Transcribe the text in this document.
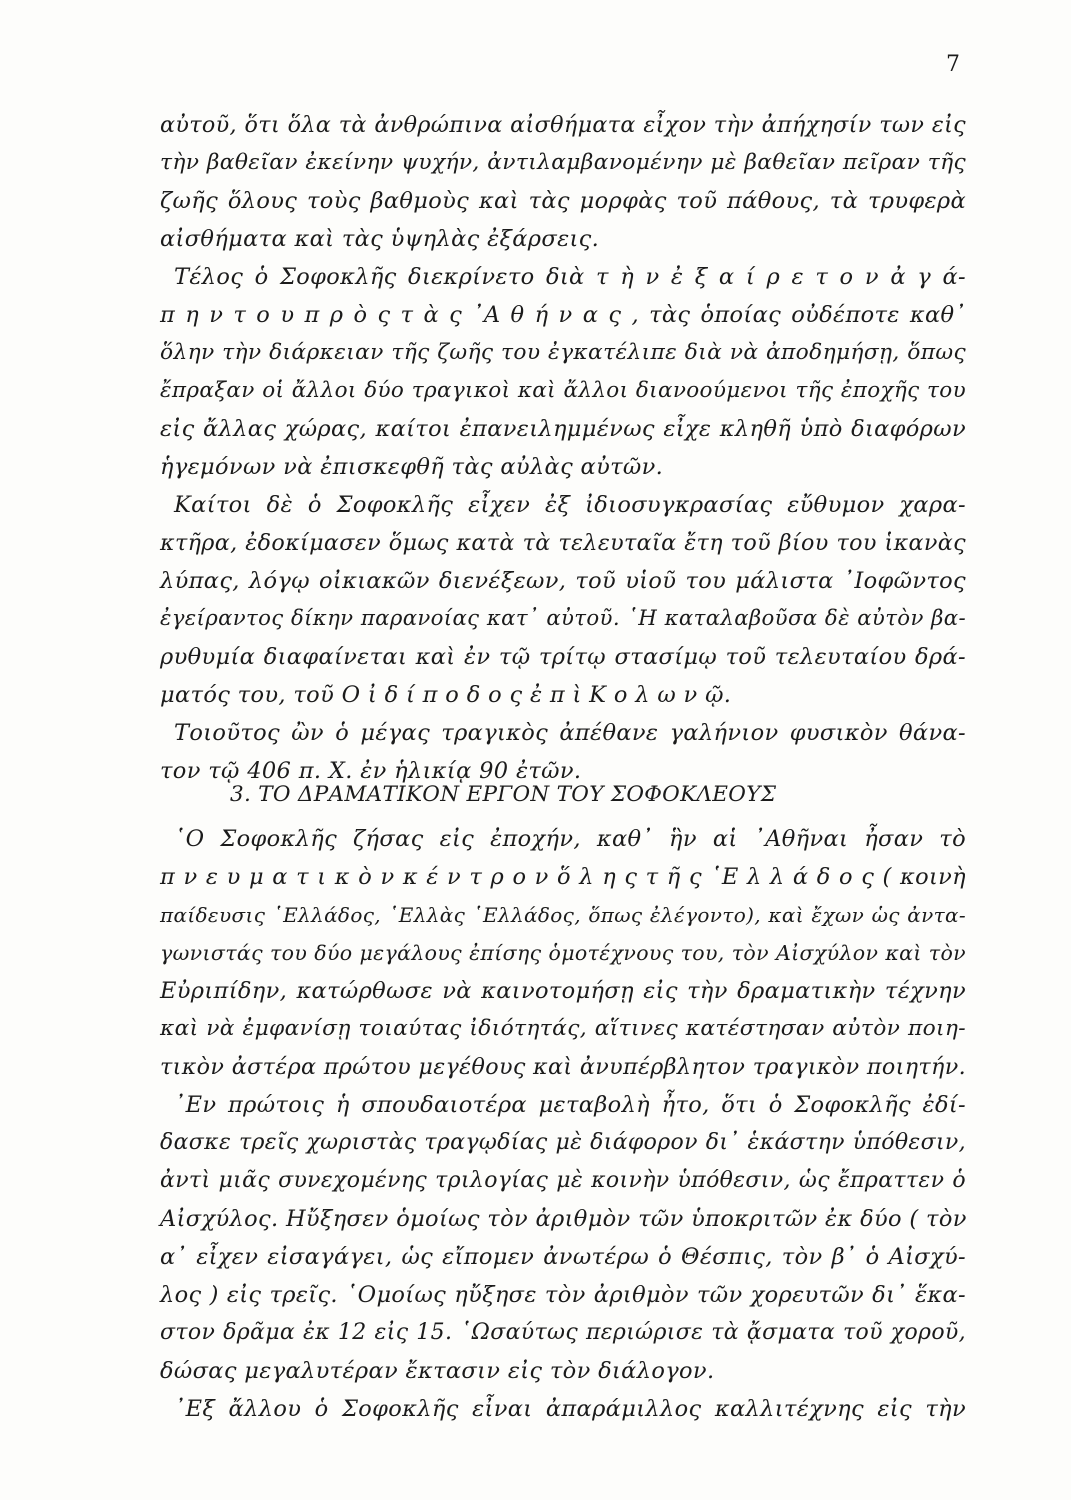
7
αὐτοῦ, ὅτι ὅλα τὰ ἀνθρώπινα αἰσθήματα εἶχον τὴν ἀπήχησίν των εἰς
τὴν βαθεῖαν ἐκείνην ψυχήν, ἀντιλαμβανομένην μὲ βαθεῖαν πεῖραν τῆς
ζωῆς ὅλους τοὺς βαθμοὺς καὶ τὰς μορφὰς τοῦ πάθους, τὰ τρυφερὰ
αἰσθήματα καὶ τὰς ὑψηλὰς ἐξάρσεις.
Τέλος ὁ Σοφοκλῆς διεκρίνετο διὰ τ ὴ ν ἐ ξ α ί ρ ε τ ο ν ἀ γ ά-
π η ν τ ο υ π ρ ὸ ς τ ὰ ς ᾿Α θ ή ν α ς , τὰς ὁποίας οὐδέποτε καθ᾿
ὅλην τὴν διάρκειαν τῆς ζωῆς του ἐγκατέλιπε διὰ νὰ ἀποδημήσῃ, ὅπως
ἔπραξαν οἱ ἄλλοι δύο τραγικοὶ καὶ ἄλλοι διανοούμενοι τῆς ἐποχῆς του
εἰς ἄλλας χώρας, καίτοι ἐπανειλημμένως εἶχε κληθῆ ὑπὸ διαφόρων
ἡγεμόνων νὰ ἐπισκεφθῆ τὰς αὐλὰς αὐτῶν.
Καίτοι δὲ ὁ Σοφοκλῆς εἶχεν ἐξ ἰδιοσυγκρασίας εὔθυμον χαρα-
κτῆρα, ἐδοκίμασεν ὅμως κατὰ τὰ τελευταῖα ἔτη τοῦ βίου του ἱκανὰς
λύπας, λόγῳ οἰκιακῶν διενέξεων, τοῦ υἱοῦ του μάλιστα ᾿Ιοφῶντος
ἐγείραντος δίκην παρανοίας κατ᾿ αὐτοῦ. ῾Η καταλαβοῦσα δὲ αὐτὸν βα-
ρυθυμία διαφαίνεται καὶ ἐν τῷ τρίτῳ στασίμῳ τοῦ τελευταίου δρά-
ματός του, τοῦ Ο ἰ δ ί π ο δ ο ς ἐ π ὶ Κ ο λ ω ν ῷ.
Τοιοῦτος ὢν ὁ μέγας τραγικὸς ἀπέθανε γαλήνιον φυσικὸν θάνα-
τον τῷ 406 π. Χ. ἐν ἡλικίᾳ 90 ἐτῶν.
3. ΤΟ ΔΡΑΜΑΤΙΚΟΝ ΕΡΓΟΝ ΤΟΥ ΣΟΦΟΚΛΕΟΥΣ
῾Ο Σοφοκλῆς ζήσας εἰς ἐποχήν, καθ᾿ ἣν αἱ ᾿Αθῆναι ἦσαν τὸ
π ν ε υ μ α τ ι κ ὸ ν κ έ ν τ ρ ο ν ὅ λ η ς τ ῆ ς ῾Ε λ λ ά δ ο ς ( κοινὴ
παίδευσις ῾Ελλάδος, ῾Ελλὰς ῾Ελλάδος, ὅπως ἐλέγοντο), καὶ ἔχων ὡς ἀντα-
γωνιστάς του δύο μεγάλους ἐπίσης ὁμοτέχνους του, τὸν Αἰσχύλον καὶ τὸν
Εὐριπίδην, κατώρθωσε νὰ καινοτομήσῃ εἰς τὴν δραματικὴν τέχνην
καὶ νὰ ἐμφανίσῃ τοιαύτας ἰδιότητάς, αἵτινες κατέστησαν αὐτὸν ποιη-
τικὸν ἀστέρα πρώτου μεγέθους καὶ ἀνυπέρβλητον τραγικὸν ποιητήν.
᾿Εν πρώτοις ἡ σπουδαιοτέρα μεταβολὴ ἦτο, ὅτι ὁ Σοφοκλῆς ἐδί-
δασκε τρεῖς χωριστὰς τραγῳδίας μὲ διάφορον δι᾿ ἑκάστην ὑπόθεσιν,
ἀντὶ μιᾶς συνεχομένης τριλογίας μὲ κοινὴν ὑπόθεσιν, ὡς ἔπραττεν ὁ
Αἰσχύλος. Ηὔξησεν ὁμοίως τὸν ἀριθμὸν τῶν ὑποκριτῶν ἐκ δύο ( τὸν
α᾿ εἶχεν εἰσαγάγει, ὡς εἴπομεν ἀνωτέρω ὁ Θέσπις, τὸν β᾿ ὁ Αἰσχύ-
λος ) εἰς τρεῖς. ῾Ομοίως ηὔξησε τὸν ἀριθμὸν τῶν χορευτῶν δι᾿ ἕκα-
στον δρᾶμα ἐκ 12 εἰς 15. ῾Ωσαύτως περιώρισε τὰ ᾄσματα τοῦ χοροῦ,
δώσας μεγαλυτέραν ἔκτασιν εἰς τὸν διάλογον.
᾿Εξ ἄλλου ὁ Σοφοκλῆς εἶναι ἀπαράμιλλος καλλιτέχνης εἰς τὴν
